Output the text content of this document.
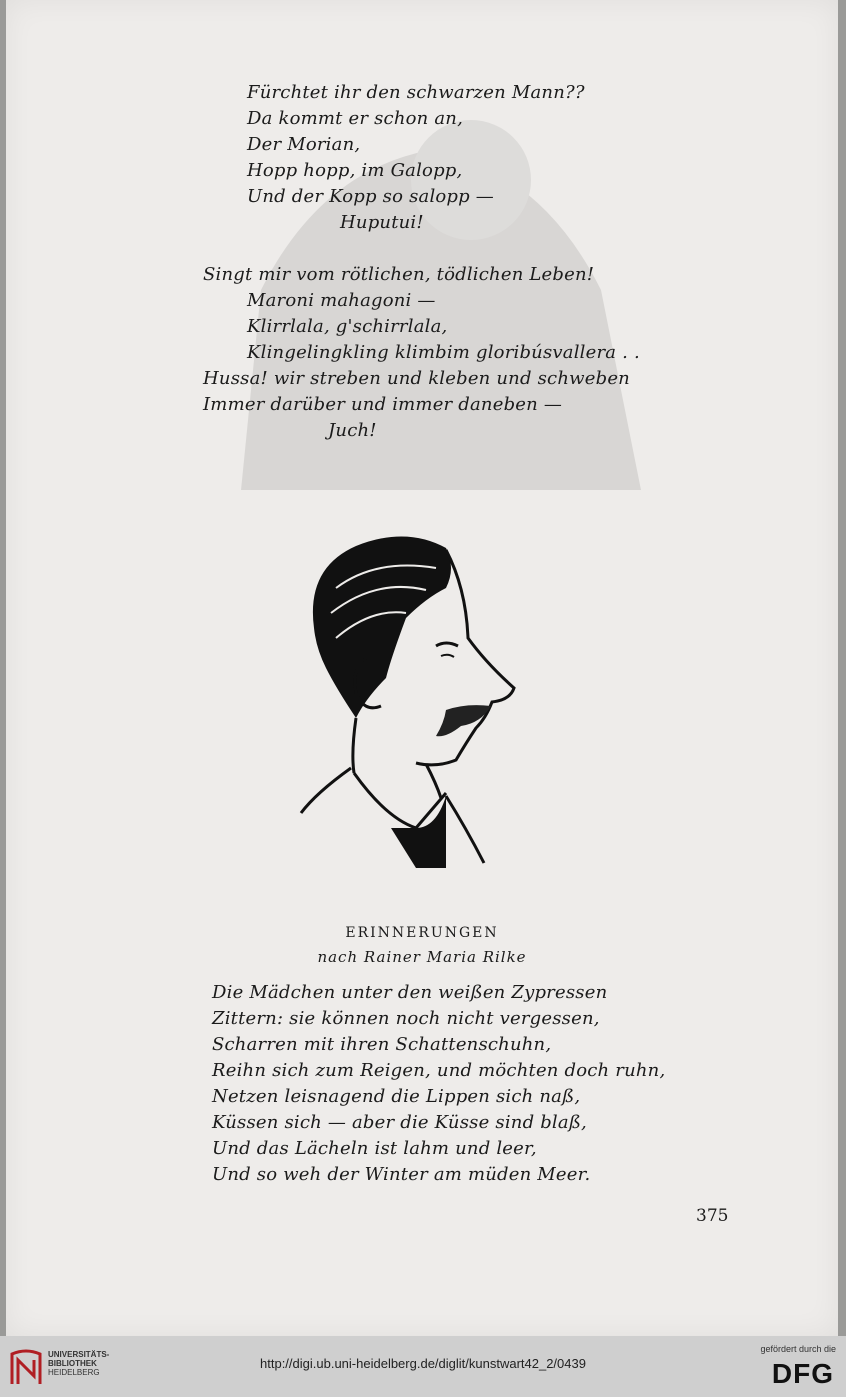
Fürchtet ihr den schwarzen Mann??
Da kommt er schon an,
Der Morian,
Hopp hopp, im Galopp,
Und der Kopp so salopp —
Huputui!
Singt mir vom rötlichen, tödlichen Leben!
Maroni mahagoni —
Klirrlala, g'schirrlala,
Klingelingkling klimbim gloribúsvallera . .
Hussa! wir streben und kleben und schweben
Immer darüber und immer daneben —
Juch!
ERINNERUNGEN
nach Rainer Maria Rilke
Die Mädchen unter den weißen Zypressen
Zittern: sie können noch nicht vergessen,
Scharren mit ihren Schattenschuhn,
Reihn sich zum Reigen, und möchten doch ruhn,
Netzen leisnagend die Lippen sich naß,
Küssen sich — aber die Küsse sind blaß,
Und das Lächeln ist lahm und leer,
Und so weh der Winter am müden Meer.
375
UNIVERSITÄTS-
BIBLIOTHEK
HEIDELBERG
http://digi.ub.uni-heidelberg.de/diglit/kunstwart42_2/0439
gefördert durch die
DFG
